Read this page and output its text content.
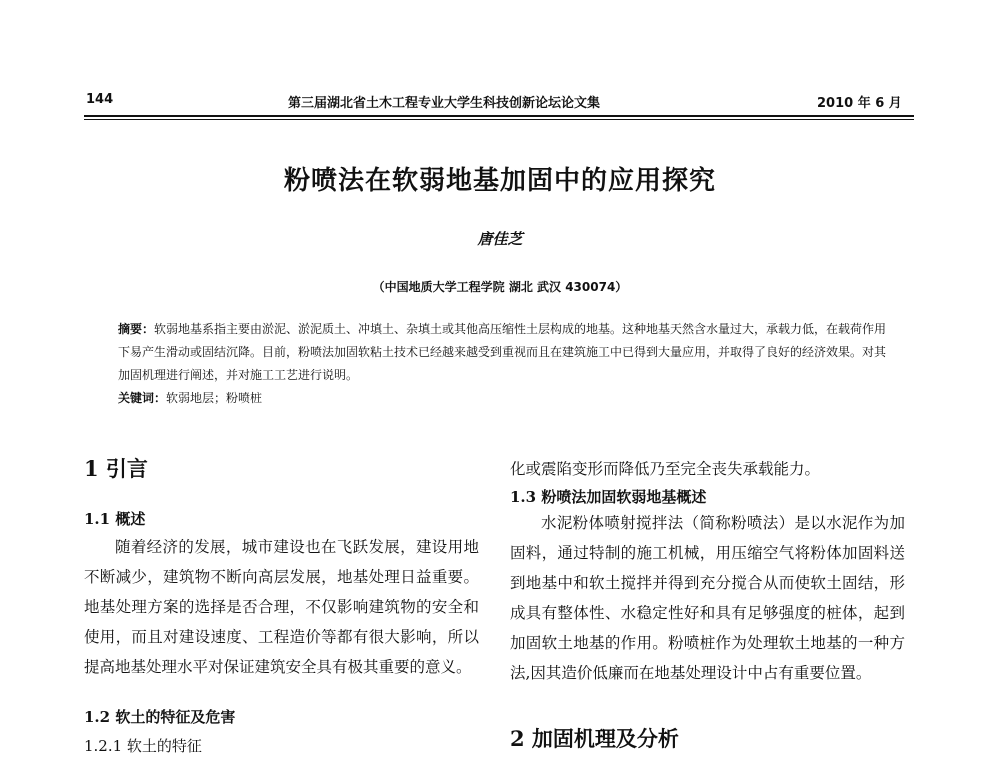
144	第三届湖北省土木工程专业大学生科技创新论坛论文集	2010 年 6 月
粉喷法在软弱地基加固中的应用探究
唐佳芝
（中国地质大学工程学院 湖北 武汉 430074）
摘要：软弱地基系指主要由淤泥、淤泥质土、冲填土、杂填土或其他高压缩性土层构成的地基。这种地基天然含水量过大，承载力低，在载荷作用下易产生滑动或固结沉降。目前，粉喷法加固软粘土技术已经越来越受到重视而且在建筑施工中已得到大量应用，并取得了良好的经济效果。对其加固机理进行阐述，并对施工工艺进行说明。
关键词：软弱地层；粉喷桩
1 引言
1.1 概述
随着经济的发展，城市建设也在飞跃发展，建设用地不断减少，建筑物不断向高层发展，地基处理日益重要。地基处理方案的选择是否合理，不仅影响建筑物的安全和使用，而且对建设速度、工程造价等都有很大影响，所以提高地基处理水平对保证建筑安全具有极其重要的意义。
1.2 软土的特征及危害
1.2.1 软土的特征
化或震陷变形而降低乃至完全丧失承载能力。
1.3 粉喷法加固软弱地基概述
水泥粉体喷射搅拌法（简称粉喷法）是以水泥作为加固料，通过特制的施工机械，用压缩空气将粉体加固料送到地基中和软土搅拌并得到充分搅合从而使软土固结，形成具有整体性、水稳定性好和具有足够强度的桩体，起到加固软土地基的作用。粉喷桩作为处理软土地基的一种方法,因其造价低廉而在地基处理设计中占有重要位置。
2 加固机理及分析
